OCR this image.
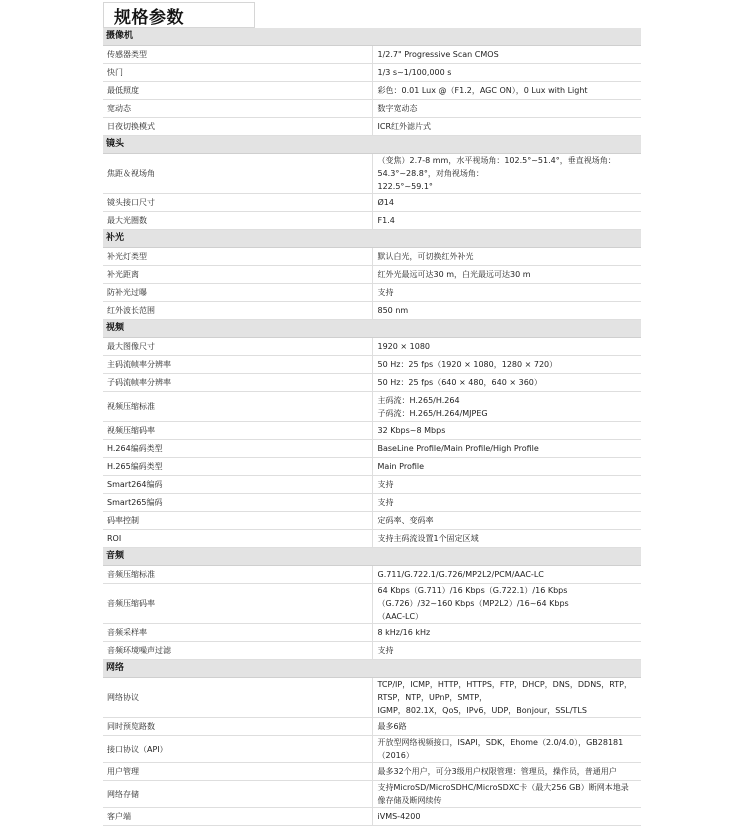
规格参数
摄像机	
传感器类型	1/2.7" Progressive Scan CMOS

快门	1/3 s~1/100,000 s

最低照度	彩色：0.01 Lux @（F1.2，AGC ON），0 Lux with Light

宽动态	数字宽动态

日夜切换模式	ICR红外滤片式

镜头	
焦距＆视场角	（变焦）2.7-8 mm，水平视场角：102.5°~51.4°，垂直视场角：54.3°~28.8°，对角视场角：
122.5°~59.1°

镜头接口尺寸	Ø14

最大光圈数	F1.4

补光	
补光灯类型	默认白光，可切换红外补光

补光距离	红外光最远可达30 m，白光最远可达30 m

防补光过曝	支持

红外波长范围	850 nm

视频	
最大图像尺寸	1920 × 1080

主码流帧率分辨率	50 Hz：25 fps（1920 × 1080，1280 × 720）

子码流帧率分辨率	50 Hz：25 fps（640 × 480，640 × 360）

视频压缩标准	主码流：H.265/H.264
子码流：H.265/H.264/MJPEG

视频压缩码率	32 Kbps~8 Mbps

H.264编码类型	BaseLine Profile/Main Profile/High Profile

H.265编码类型	Main Profile

Smart264编码	支持

Smart265编码	支持

码率控制	定码率、变码率

ROI	支持主码流设置1个固定区域

音频	
音频压缩标准	G.711/G.722.1/G.726/MP2L2/PCM/AAC-LC

音频压缩码率	64 Kbps（G.711）/16 Kbps（G.722.1）/16 Kbps（G.726）/32~160 Kbps（MP2L2）/16~64 Kbps
（AAC-LC）

音频采样率	8 kHz/16 kHz

音频环境噪声过滤	支持

网络	
网络协议	TCP/IP，ICMP，HTTP，HTTPS，FTP，DHCP，DNS，DDNS，RTP，RTSP，NTP，UPnP，SMTP，
IGMP，802.1X，QoS，IPv6，UDP，Bonjour，SSL/TLS

同时预览路数	最多6路

接口协议（API）	开放型网络视频接口，ISAPI，SDK，Ehome（2.0/4.0），GB28181（2016）

用户管理	最多32个用户，可分3级用户权限管理：管理员，操作员，普通用户

网络存储	支持MicroSD/MicroSDHC/MicroSDXC卡（最大256 GB）断网本地录像存储及断网续传

客户端	iVMS-4200
